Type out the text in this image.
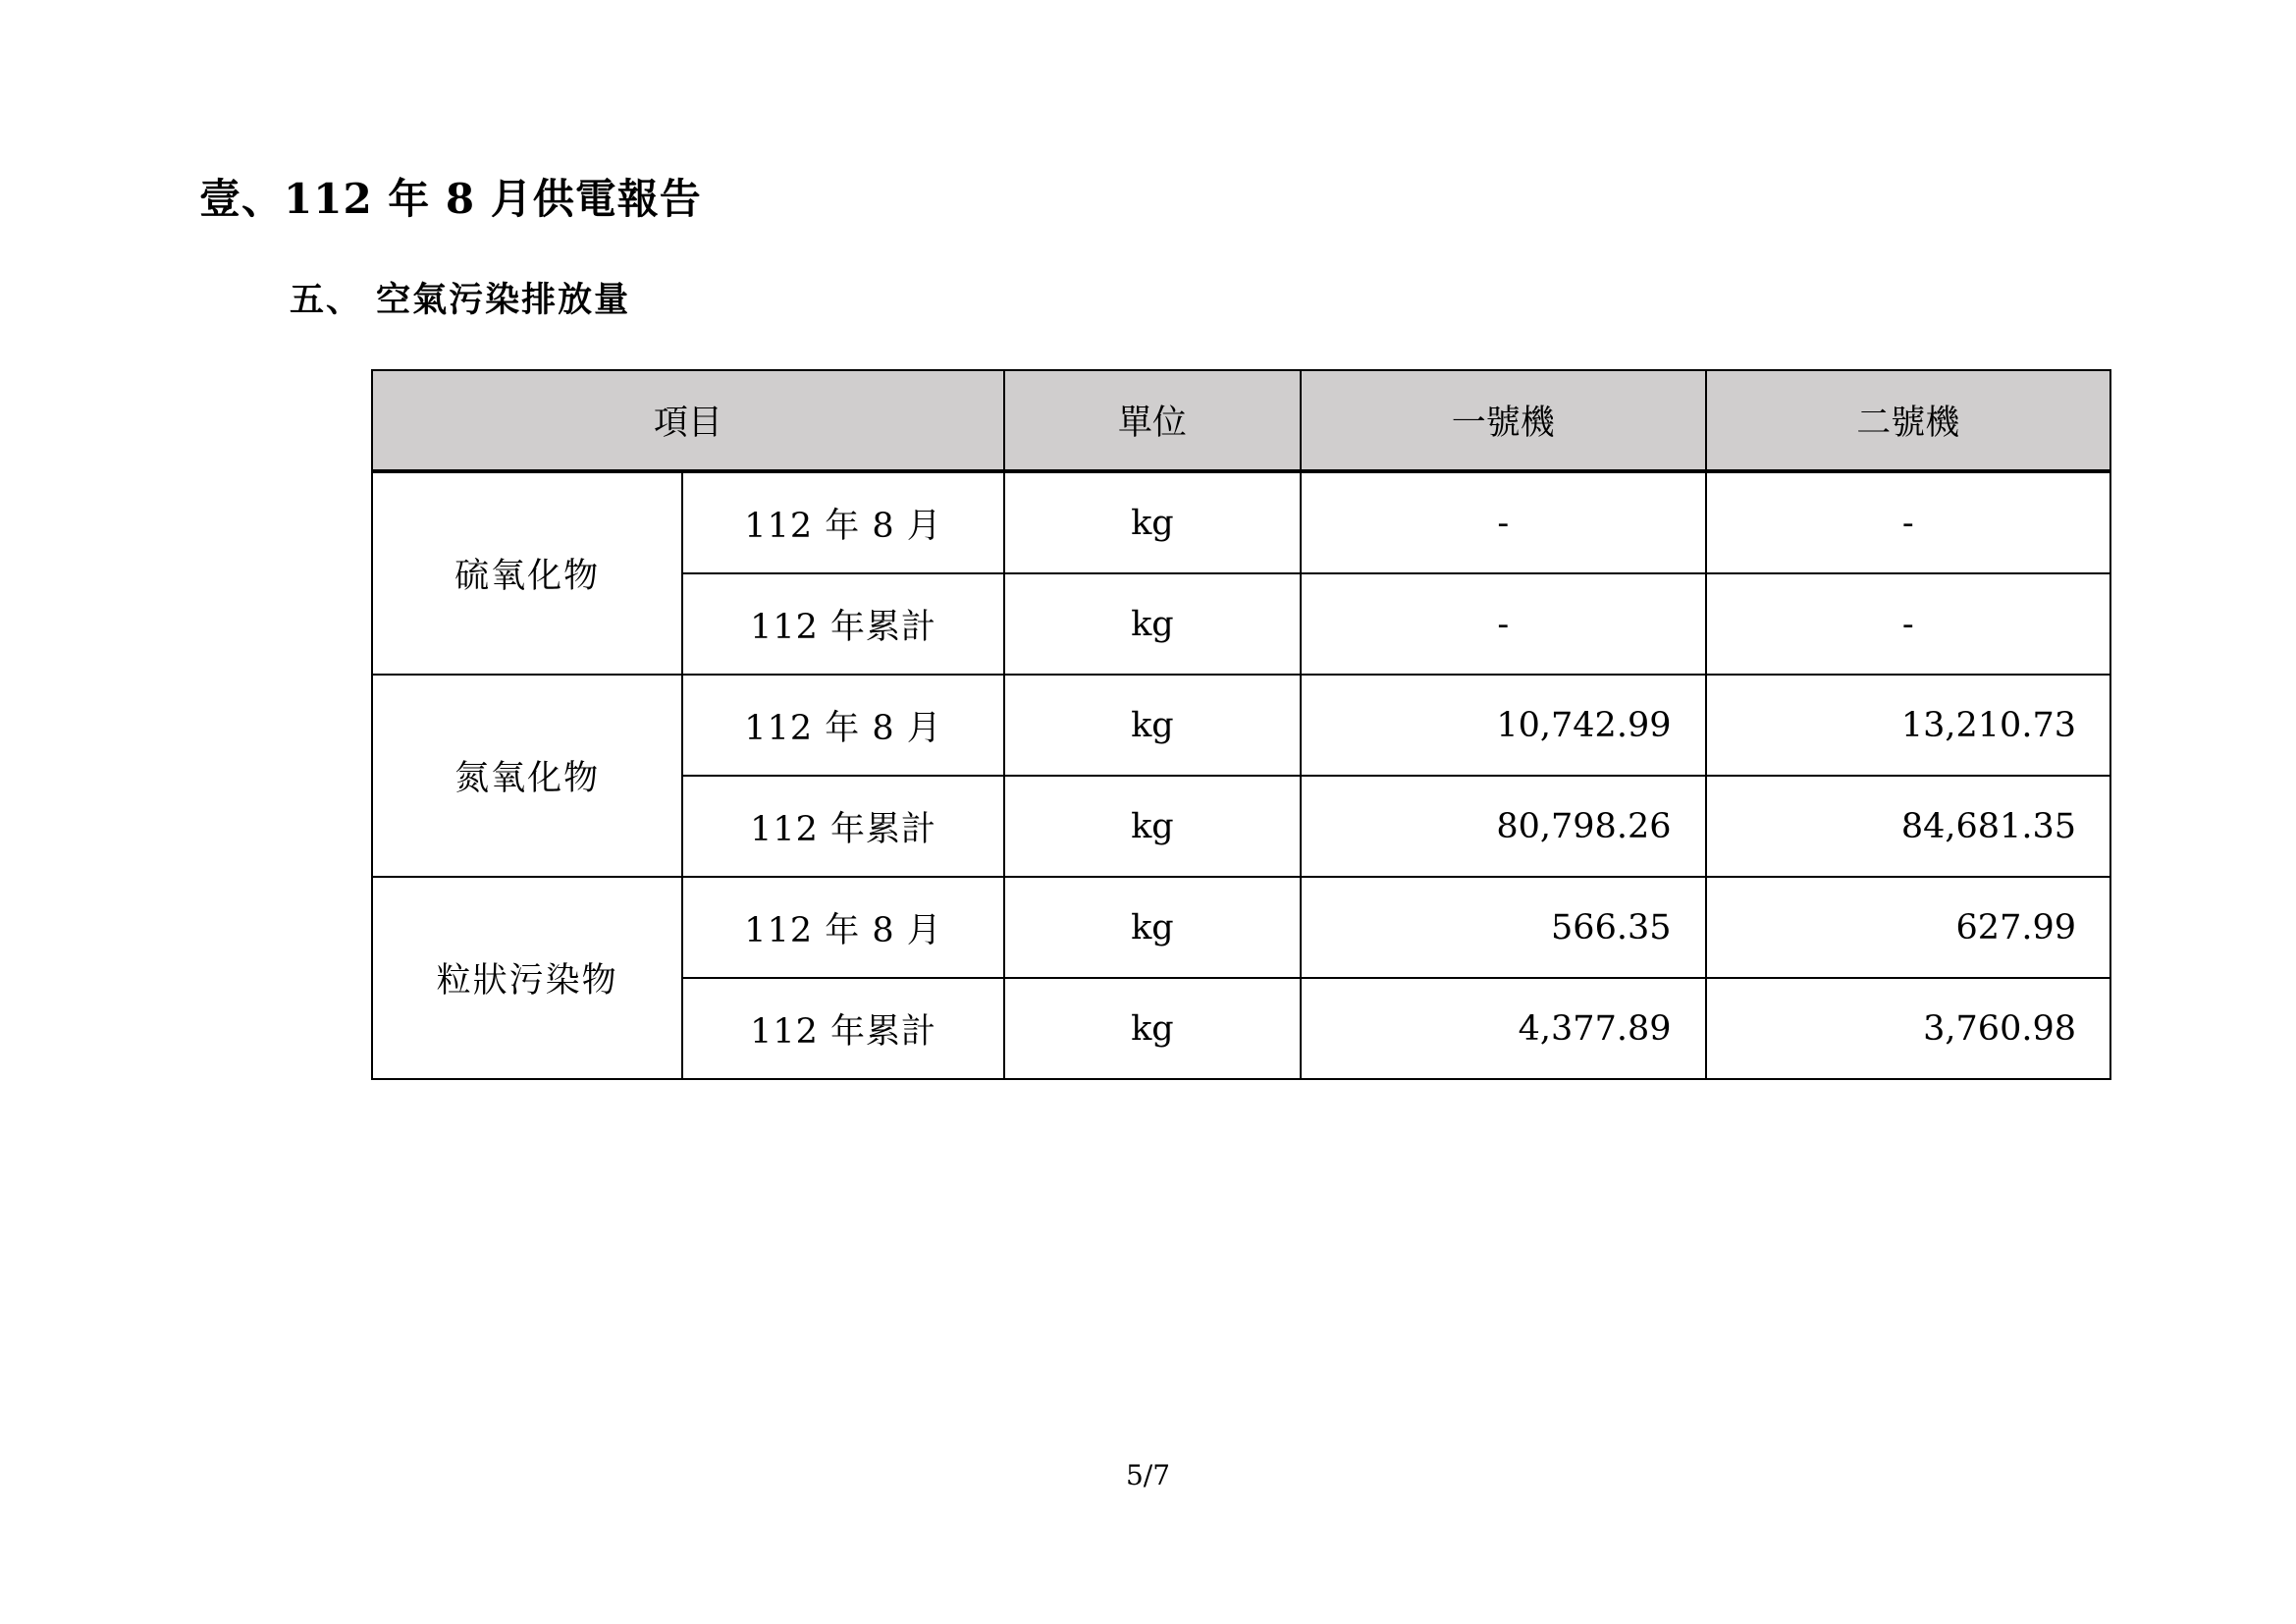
壹、112 年 8 月供電報告
五、 空氣污染排放量
項目		單位	一號機	二號機
硫氧化物	112 年 8 月	kg	-	-
	112 年累計	kg	-	-
氮氧化物	112 年 8 月	kg	10,742.99	13,210.73
	112 年累計	kg	80,798.26	84,681.35
粒狀污染物	112 年 8 月	kg	566.35	627.99
	112 年累計	kg	4,377.89	3,760.98
5/7
